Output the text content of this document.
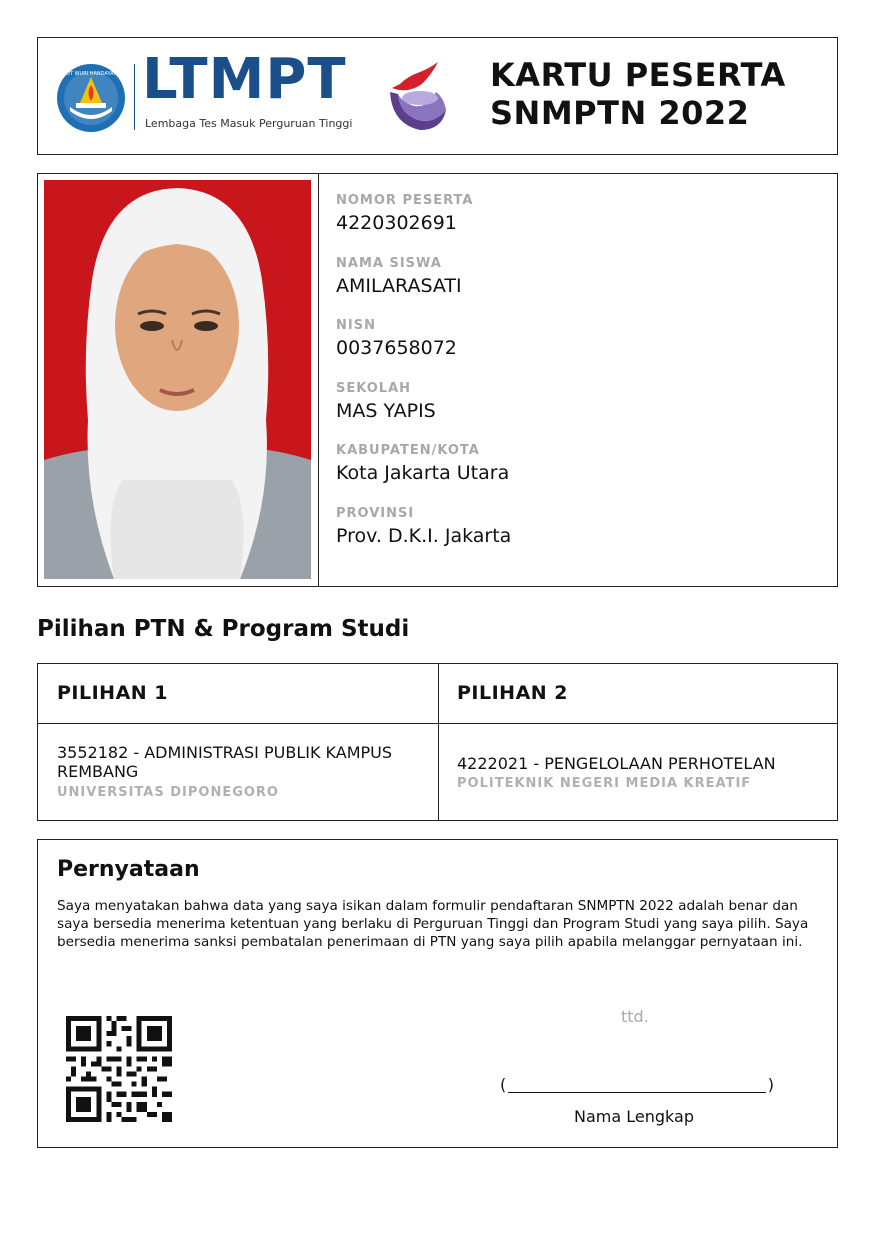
TUT WURI HANDAYANI LTMPT
Lembaga Tes Masuk Perguruan Tinggi
KARTU PESERTA
SNMPTN 2022
NOMOR PESERTA
4220302691
NAMA SISWA
AMILARASATI
NISN
0037658072
SEKOLAH
MAS YAPIS
KABUPATEN/KOTA
Kota Jakarta Utara
PROVINSI
Prov. D.K.I. Jakarta
Pilihan PTN & Program Studi
PILIHAN 1
3552182 - ADMINISTRASI PUBLIK KAMPUS REMBANG
UNIVERSITAS DIPONEGORO
PILIHAN 2
4222021 - PENGELOLAAN PERHOTELAN
POLITEKNIK NEGERI MEDIA KREATIF
Pernyataan
Saya menyatakan bahwa data yang saya isikan dalam formulir pendaftaran SNMPTN 2022 adalah benar dan saya bersedia menerima ketentuan yang berlaku di Perguruan Tinggi dan Program Studi yang saya pilih. Saya bersedia menerima sanksi pembatalan penerimaan di PTN yang saya pilih apabila melanggar pernyataan ini.
ttd.
(	)
Nama Lengkap
